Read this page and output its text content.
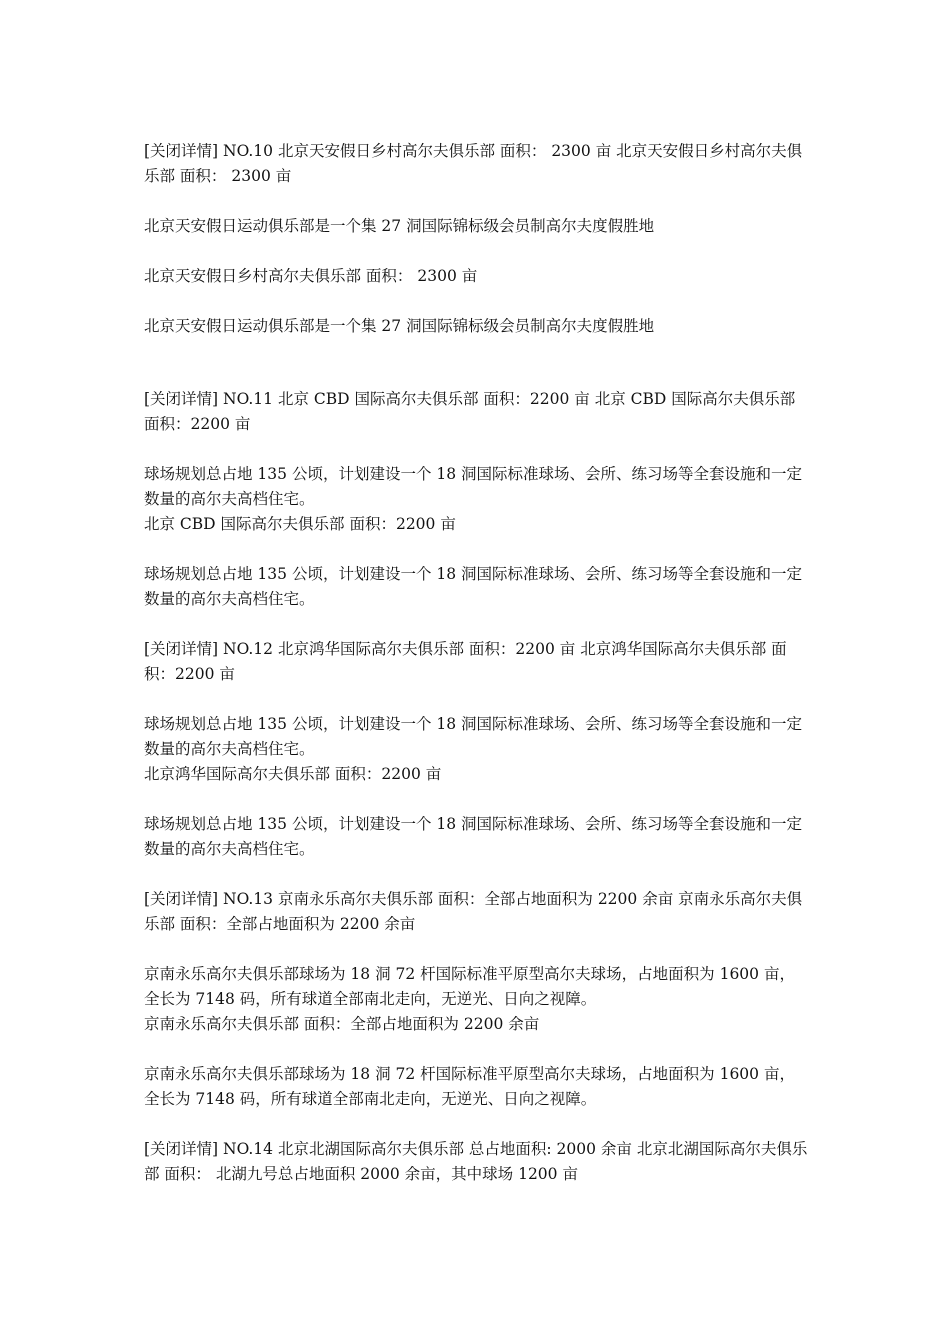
[关闭详情] NO.10 北京天安假日乡村高尔夫俱乐部 面积： 2300 亩 北京天安假日乡村高尔夫俱乐部 面积： 2300 亩

北京天安假日运动俱乐部是一个集 27 洞国际锦标级会员制高尔夫度假胜地

北京天安假日乡村高尔夫俱乐部 面积： 2300 亩

北京天安假日运动俱乐部是一个集 27 洞国际锦标级会员制高尔夫度假胜地

[关闭详情] NO.11 北京 CBD 国际高尔夫俱乐部 面积：2200 亩 北京 CBD 国际高尔夫俱乐部 面积：2200 亩

球场规划总占地 135 公顷，计划建设一个 18 洞国际标准球场、会所、练习场等全套设施和一定数量的高尔夫高档住宅。

北京 CBD 国际高尔夫俱乐部 面积：2200 亩

球场规划总占地 135 公顷，计划建设一个 18 洞国际标准球场、会所、练习场等全套设施和一定数量的高尔夫高档住宅。

[关闭详情] NO.12 北京鸿华国际高尔夫俱乐部 面积：2200 亩 北京鸿华国际高尔夫俱乐部 面积：2200 亩

球场规划总占地 135 公顷，计划建设一个 18 洞国际标准球场、会所、练习场等全套设施和一定数量的高尔夫高档住宅。

北京鸿华国际高尔夫俱乐部 面积：2200 亩

球场规划总占地 135 公顷，计划建设一个 18 洞国际标准球场、会所、练习场等全套设施和一定数量的高尔夫高档住宅。

[关闭详情] NO.13 京南永乐高尔夫俱乐部 面积：全部占地面积为 2200 余亩 京南永乐高尔夫俱乐部 面积：全部占地面积为 2200 余亩

京南永乐高尔夫俱乐部球场为 18 洞 72 杆国际标准平原型高尔夫球场，占地面积为 1600 亩，全长为 7148 码，所有球道全部南北走向，无逆光、日向之视障。

京南永乐高尔夫俱乐部 面积：全部占地面积为 2200 余亩

京南永乐高尔夫俱乐部球场为 18 洞 72 杆国际标准平原型高尔夫球场，占地面积为 1600 亩，全长为 7148 码，所有球道全部南北走向，无逆光、日向之视障。

[关闭详情] NO.14 北京北湖国际高尔夫俱乐部 总占地面积: 2000 余亩 北京北湖国际高尔夫俱乐部 面积： 北湖九号总占地面积 2000 余亩，其中球场 1200 亩
